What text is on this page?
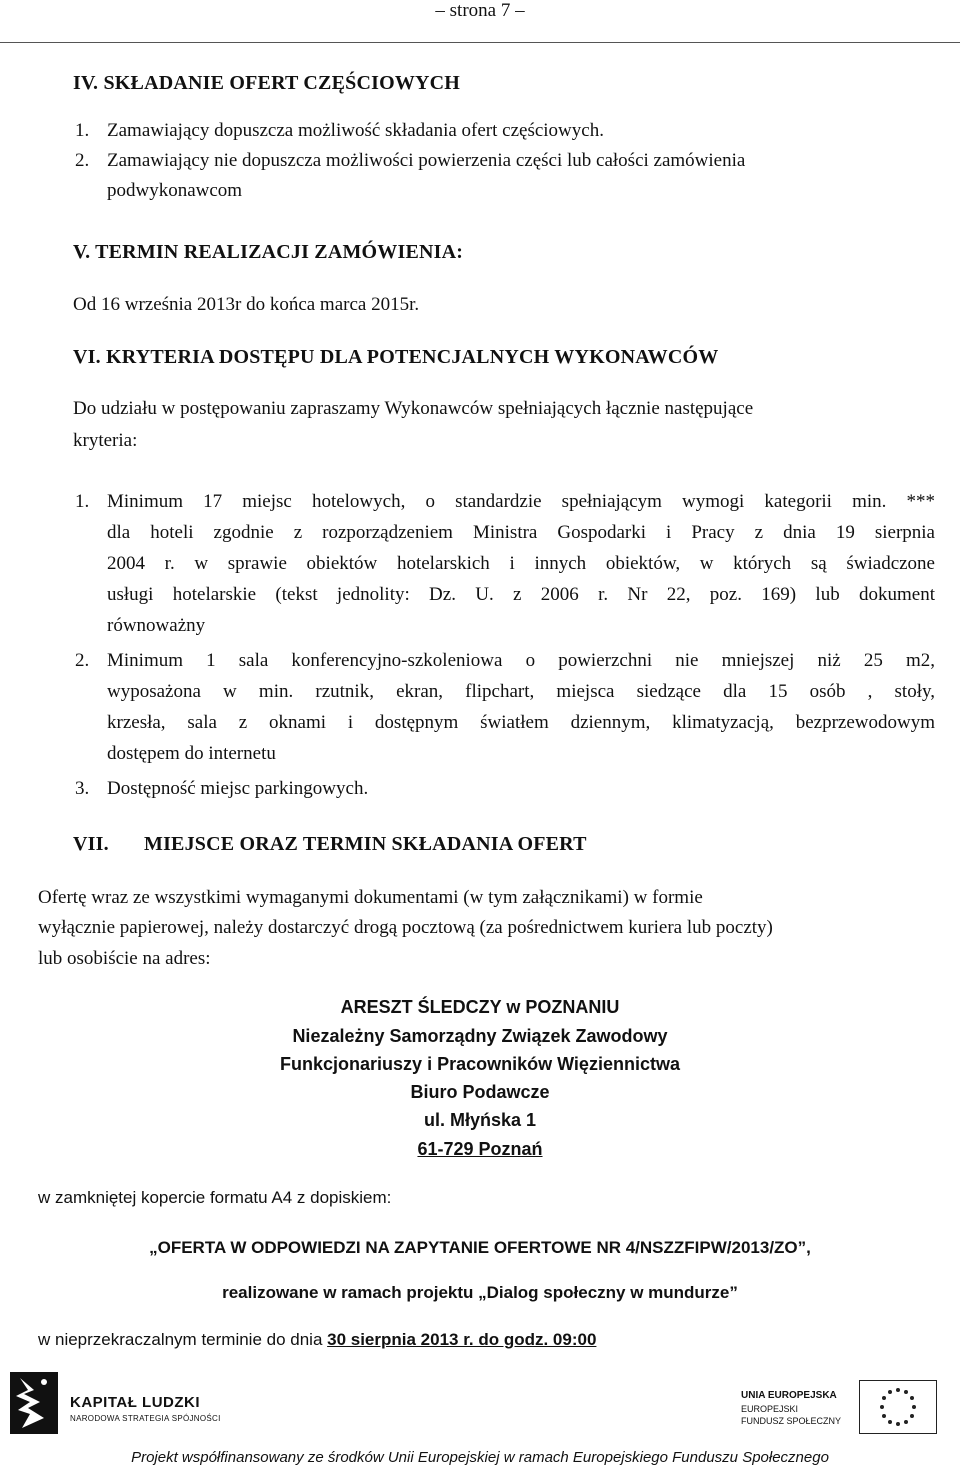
– strona 7 –
IV. SKŁADANIE OFERT CZĘŚCIOWYCH
1. Zamawiający dopuszcza możliwość składania ofert częściowych.
2. Zamawiający nie dopuszcza możliwości powierzenia części lub całości zamówienia
podwykonawcom
V. TERMIN REALIZACJI ZAMÓWIENIA:
Od 16 września 2013r do końca marca 2015r.
VI. KRYTERIA DOSTĘPU DLA POTENCJALNYCH WYKONAWCÓW
Do udziału w postępowaniu zapraszamy Wykonawców spełniających łącznie następujące
kryteria:
1. Minimum 17 miejsc hotelowych, o standardzie spełniającym wymogi kategorii min. ***
dla hoteli zgodnie z rozporządzeniem Ministra Gospodarki i Pracy z dnia 19 sierpnia
2004 r. w sprawie obiektów hotelarskich i innych obiektów, w których są świadczone
usługi hotelarskie (tekst jednolity: Dz. U. z 2006 r. Nr 22, poz. 169) lub dokument
równoważny
2. Minimum 1 sala konferencyjno-szkoleniowa o powierzchni nie mniejszej niż 25 m2,
wyposażona w min. rzutnik, ekran, flipchart, miejsca siedzące dla 15 osób , stoły,
krzesła, sala z oknami i dostępnym światłem dziennym, klimatyzacją, bezprzewodowym
dostępem do internetu
3. Dostępność miejsc parkingowych.
VII. MIEJSCE ORAZ TERMIN SKŁADANIA OFERT
Ofertę wraz ze wszystkimi wymaganymi dokumentami (w tym załącznikami) w formie
wyłącznie papierowej, należy dostarczyć drogą pocztową (za pośrednictwem kuriera lub poczty)
lub osobiście na adres:
ARESZT ŚLEDCZY w POZNANIU
Niezależny Samorządny Związek Zawodowy
Funkcjonariuszy i Pracowników Więziennictwa
Biuro Podawcze
ul. Młyńska 1
61-729 Poznań
w zamkniętej kopercie formatu A4 z dopiskiem:
„OFERTA W ODPOWIEDZI NA ZAPYTANIE OFERTOWE NR 4/NSZZFIPW/2013/ZO”,
realizowane w ramach projektu „Dialog społeczny w mundurze”
w nieprzekraczalnym terminie do dnia 30 sierpnia 2013 r. do godz. 09:00
KAPITAŁ LUDZKI
NARODOWA STRATEGIA SPÓJNOŚCI
UNIA EUROPEJSKA
EUROPEJSKI
FUNDUSZ SPOŁECZNY
Projekt współfinansowany ze środków Unii Europejskiej w ramach Europejskiego Funduszu Społecznego
